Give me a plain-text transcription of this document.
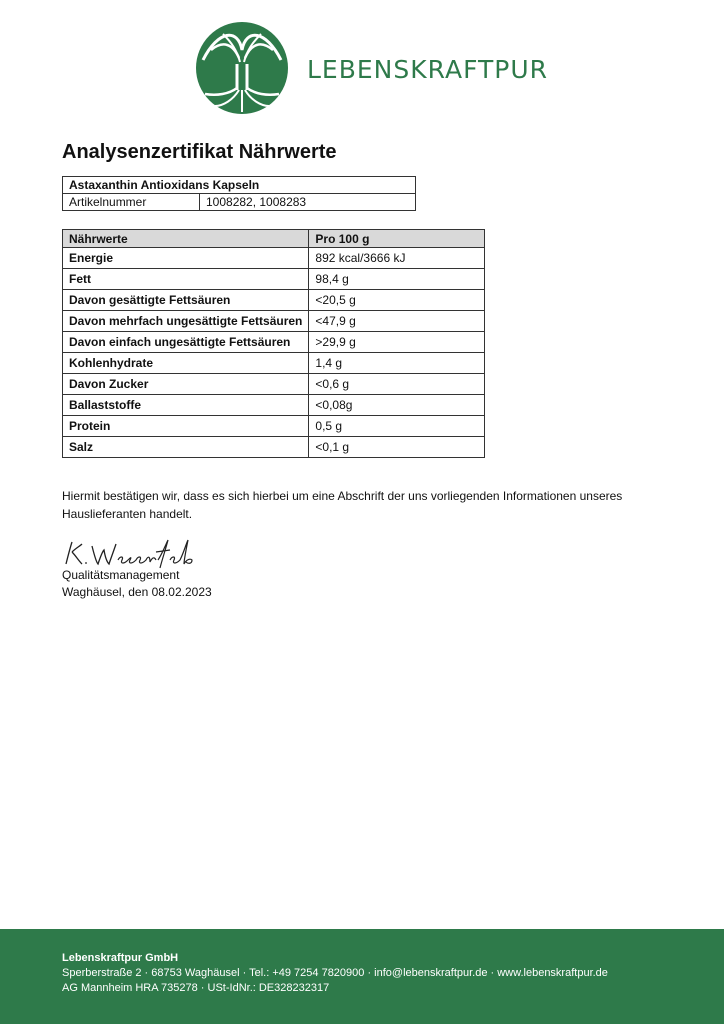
LEBENSKRAFTPUR
Analysenzertifikat Nährwerte
Astaxanthin Antioxidans Kapseln
Artikelnummer	1008282, 1008283
Nährwerte	Pro 100 g
Energie	892 kcal/3666 kJ
Fett	98,4 g
Davon gesättigte Fettsäuren	<20,5 g
Davon mehrfach ungesättigte Fettsäuren	<47,9 g
Davon einfach ungesättigte Fettsäuren	>29,9 g
Kohlenhydrate	1,4 g
Davon Zucker	<0,6 g
Ballaststoffe	<0,08g
Protein	0,5 g
Salz	<0,1 g

Hiermit bestätigen wir, dass es sich hierbei um eine Abschrift der uns vorliegenden Informationen unseres Hauslieferanten handelt.

Qualitätsmanagement
Waghäusel, den 08.02.2023
Lebenskraftpur GmbH
Sperberstraße 2 · 68753 Waghäusel · Tel.: +49 7254 7820900 · info@lebenskraftpur.de · www.lebenskraftpur.de
AG Mannheim HRA 735278 · USt-IdNr.: DE328232317
